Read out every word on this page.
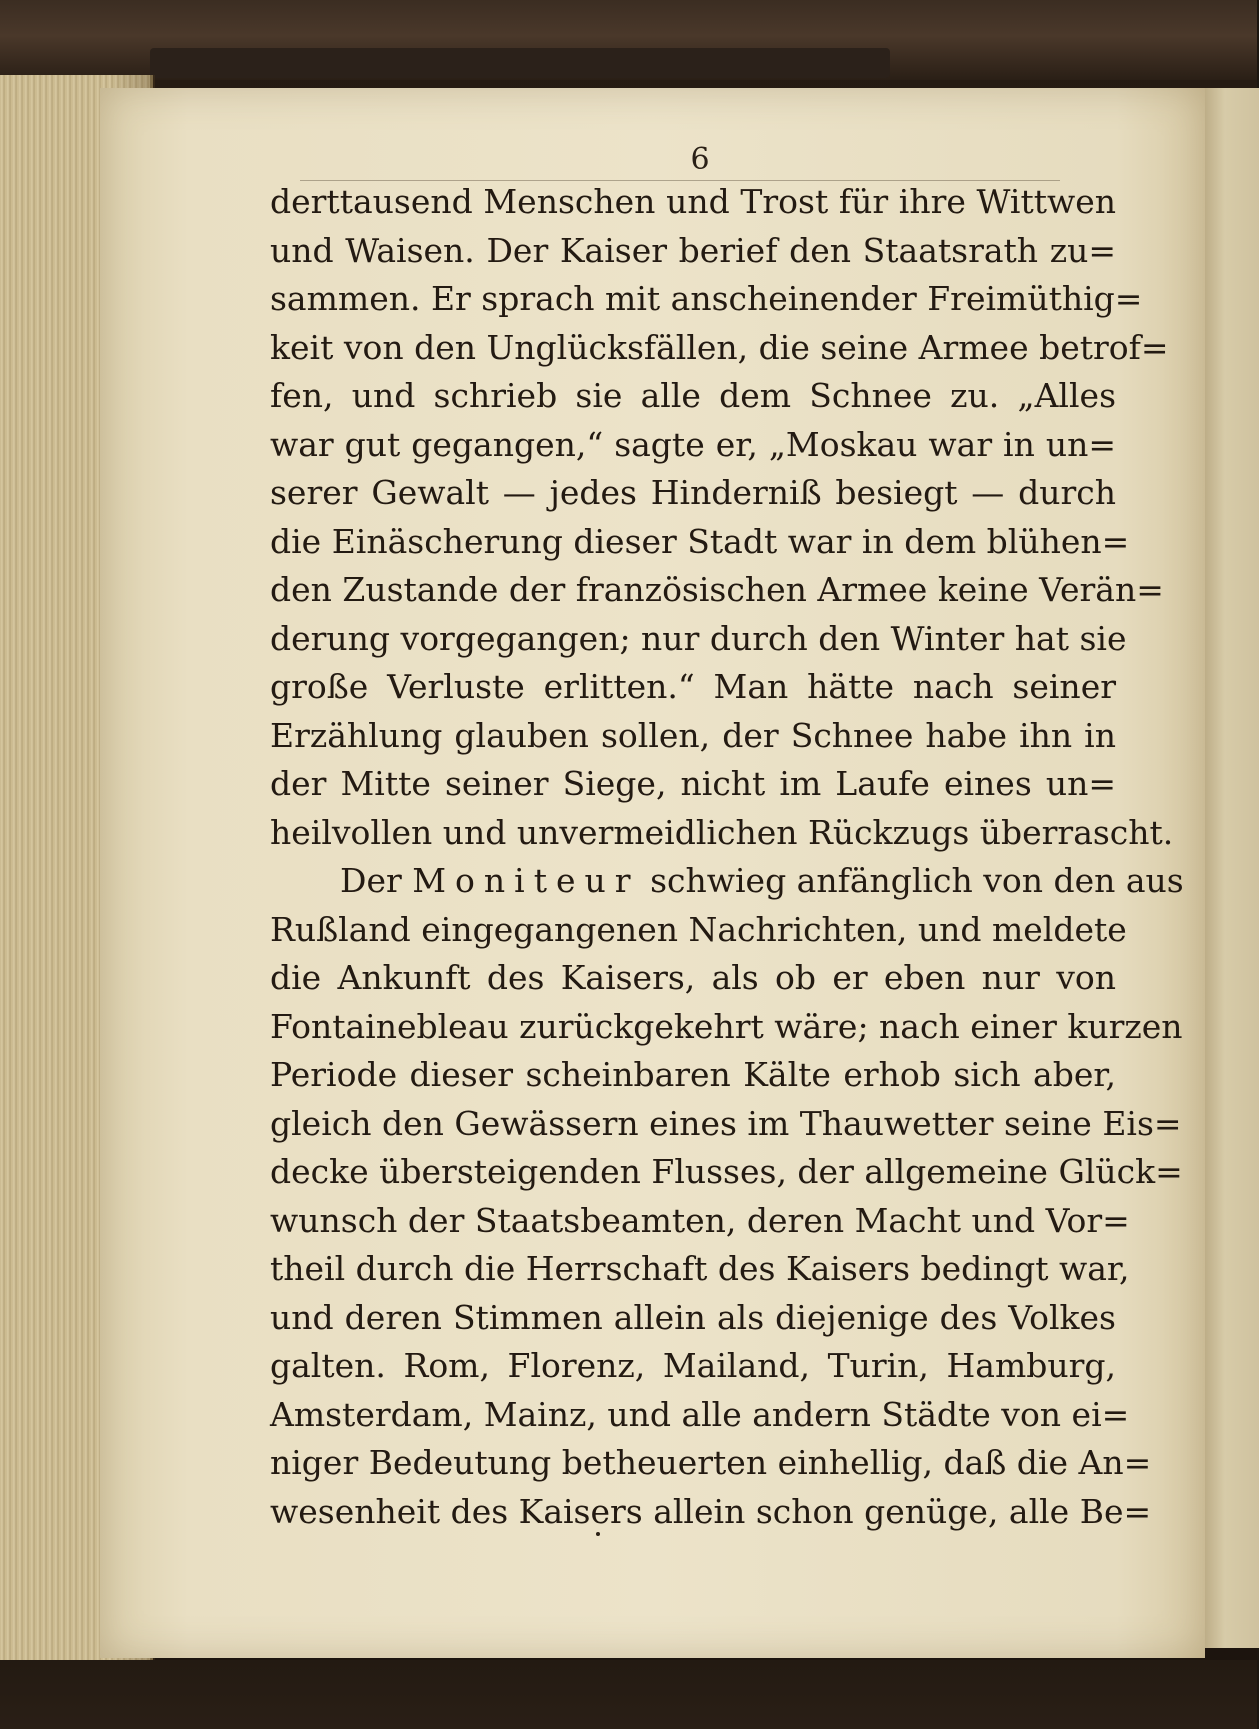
6
derttausend Menschen und Trost für ihre Wittwen
und Waisen. Der Kaiser berief den Staatsrath zu=
sammen. Er sprach mit anscheinender Freimüthig=
keit von den Unglücksfällen, die seine Armee betrof=
fen, und schrieb sie alle dem Schnee zu. „Alles
war gut gegangen,“ sagte er, „Moskau war in un=
serer Gewalt — jedes Hinderniß besiegt — durch
die Einäscherung dieser Stadt war in dem blühen=
den Zustande der französischen Armee keine Verän=
derung vorgegangen; nur durch den Winter hat sie
große Verluste erlitten.“ Man hätte nach seiner
Erzählung glauben sollen, der Schnee habe ihn in
der Mitte seiner Siege, nicht im Laufe eines un=
heilvollen und unvermeidlichen Rückzugs überrascht.
Der Moniteur schwieg anfänglich von den aus
Rußland eingegangenen Nachrichten, und meldete
die Ankunft des Kaisers, als ob er eben nur von
Fontainebleau zurückgekehrt wäre; nach einer kurzen
Periode dieser scheinbaren Kälte erhob sich aber,
gleich den Gewässern eines im Thauwetter seine Eis=
decke übersteigenden Flusses, der allgemeine Glück=
wunsch der Staatsbeamten, deren Macht und Vor=
theil durch die Herrschaft des Kaisers bedingt war,
und deren Stimmen allein als diejenige des Volkes
galten. Rom, Florenz, Mailand, Turin, Hamburg,
Amsterdam, Mainz, und alle andern Städte von ei=
niger Bedeutung betheuerten einhellig, daß die An=
wesenheit des Kaisers allein schon genüge, alle Be=
